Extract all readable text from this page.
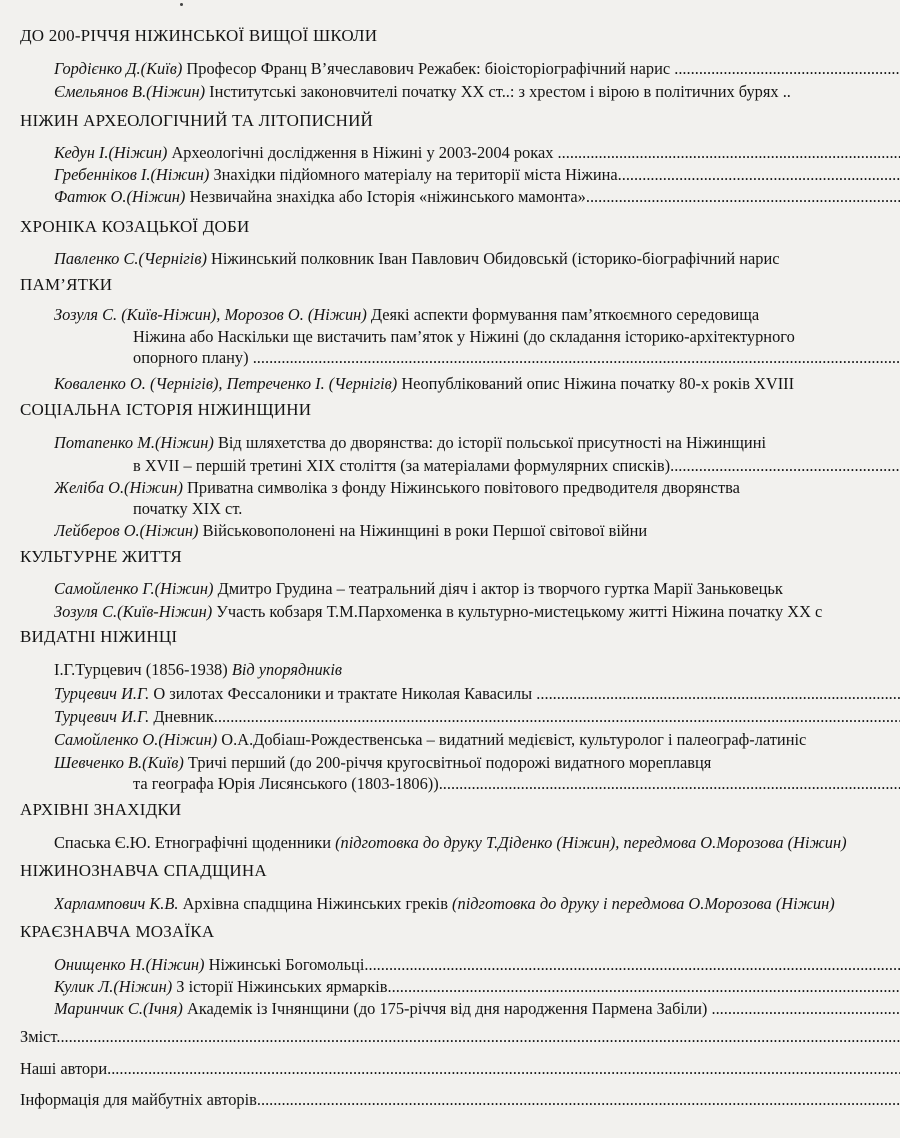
ДО 200-РІЧЧЯ НІЖИНСЬКОЇ ВИЩОЇ ШКОЛИ
Гордієнко Д.(Київ) Професор Франц В’ячеславович Режабек: біоісторіографічний нарис .....
Ємельянов В.(Ніжин) Інститутські законовчителі початку XX ст..: з хрестом і вірою в політичних бурях ..
НІЖИН АРХЕОЛОГІЧНИЙ ТА ЛІТОПИСНИЙ
Кедун І.(Ніжин) Археологічні дослідження в Ніжині у 2003-2004 роках .....
Гребенніков І.(Ніжин) Знахідки підйомного матеріалу на території міста Ніжина .....
Фатюк О.(Ніжин) Незвичайна знахідка або Історія «ніжинського мамонта» .....
ХРОНІКА КОЗАЦЬКОЇ ДОБИ
Павленко С.(Чернігів) Ніжинський полковник Іван Павлович Обидовськй (історико-біографічний нарис
ПАМ’ЯТКИ
Зозуля С. (Київ-Ніжин), Морозов О. (Ніжин) Деякі аспекти формування пам’яткоємного середовища
Ніжина або Наскільки ще вистачить пам’яток у Ніжині (до складання історико-архітектурного
опорного плану) .....
Коваленко О. (Чернігів), Петреченко І. (Чернігів) Неопублікований опис Ніжина початку 80-х років XVIII
СОЦІАЛЬНА ІСТОРІЯ НІЖИНЩИНИ
Потапенко М.(Ніжин) Від шляхетства до дворянства: до історії польської присутності на Ніжинщині
в XVII – першій третині XIX століття (за матеріалами формулярних списків) .....
Желіба О.(Ніжин) Приватна символіка з фонду Ніжинського повітового предводителя дворянства
початку XIX ст.
Лейберов О.(Ніжин) Військовополонені на Ніжинщині в роки Першої світової війни
КУЛЬТУРНЕ ЖИТТЯ
Самойленко Г.(Ніжин) Дмитро Грудина – театральний діяч і актор із творчого гуртка Марії Заньковецьк
Зозуля С.(Київ-Ніжин) Участь кобзаря Т.М.Пархоменка в культурно-мистецькому житті Ніжина початку XX с
ВИДАТНІ НІЖИНЦІ
І.Г.Турцевич (1856-1938) Від упорядників
Турцевич И.Г. О зилотах Фессалоники и трактате Николая Кавасилы .....
Турцевич И.Г. Дневник .....
Самойленко О.(Ніжин) О.А.Добіаш-Рождественська – видатний медієвіст, культуролог і палеограф-латиніс
Шевченко В.(Київ) Тричі перший (до 200-річчя кругосвітньої подорожі видатного мореплавця
та географа Юрія Лисянського (1803-1806)) .....
АРХІВНІ ЗНАХІДКИ
Спаська Є.Ю. Етнографічні щоденники (підготовка до друку Т.Діденко (Ніжин), передмова О.Морозова (Ніжин)
НІЖИНОЗНАВЧА СПАДЩИНА
Харлампович К.В. Архівна спадщина Ніжинських греків (підготовка до друку і передмова О.Морозова (Ніжин)
КРАЄЗНАВЧА МОЗАЇКА
Онищенко Н.(Ніжин) Ніжинські Богомольці .....
Кулик Л.(Ніжин) З історії Ніжинських ярмарків .....
Маринчик С.(Ічня) Академік із Ічнянщини (до 175-річчя від дня народження Пармена Забіли) .....
Зміст .....
Наші автори .....
Інформація для майбутніх авторів .....
